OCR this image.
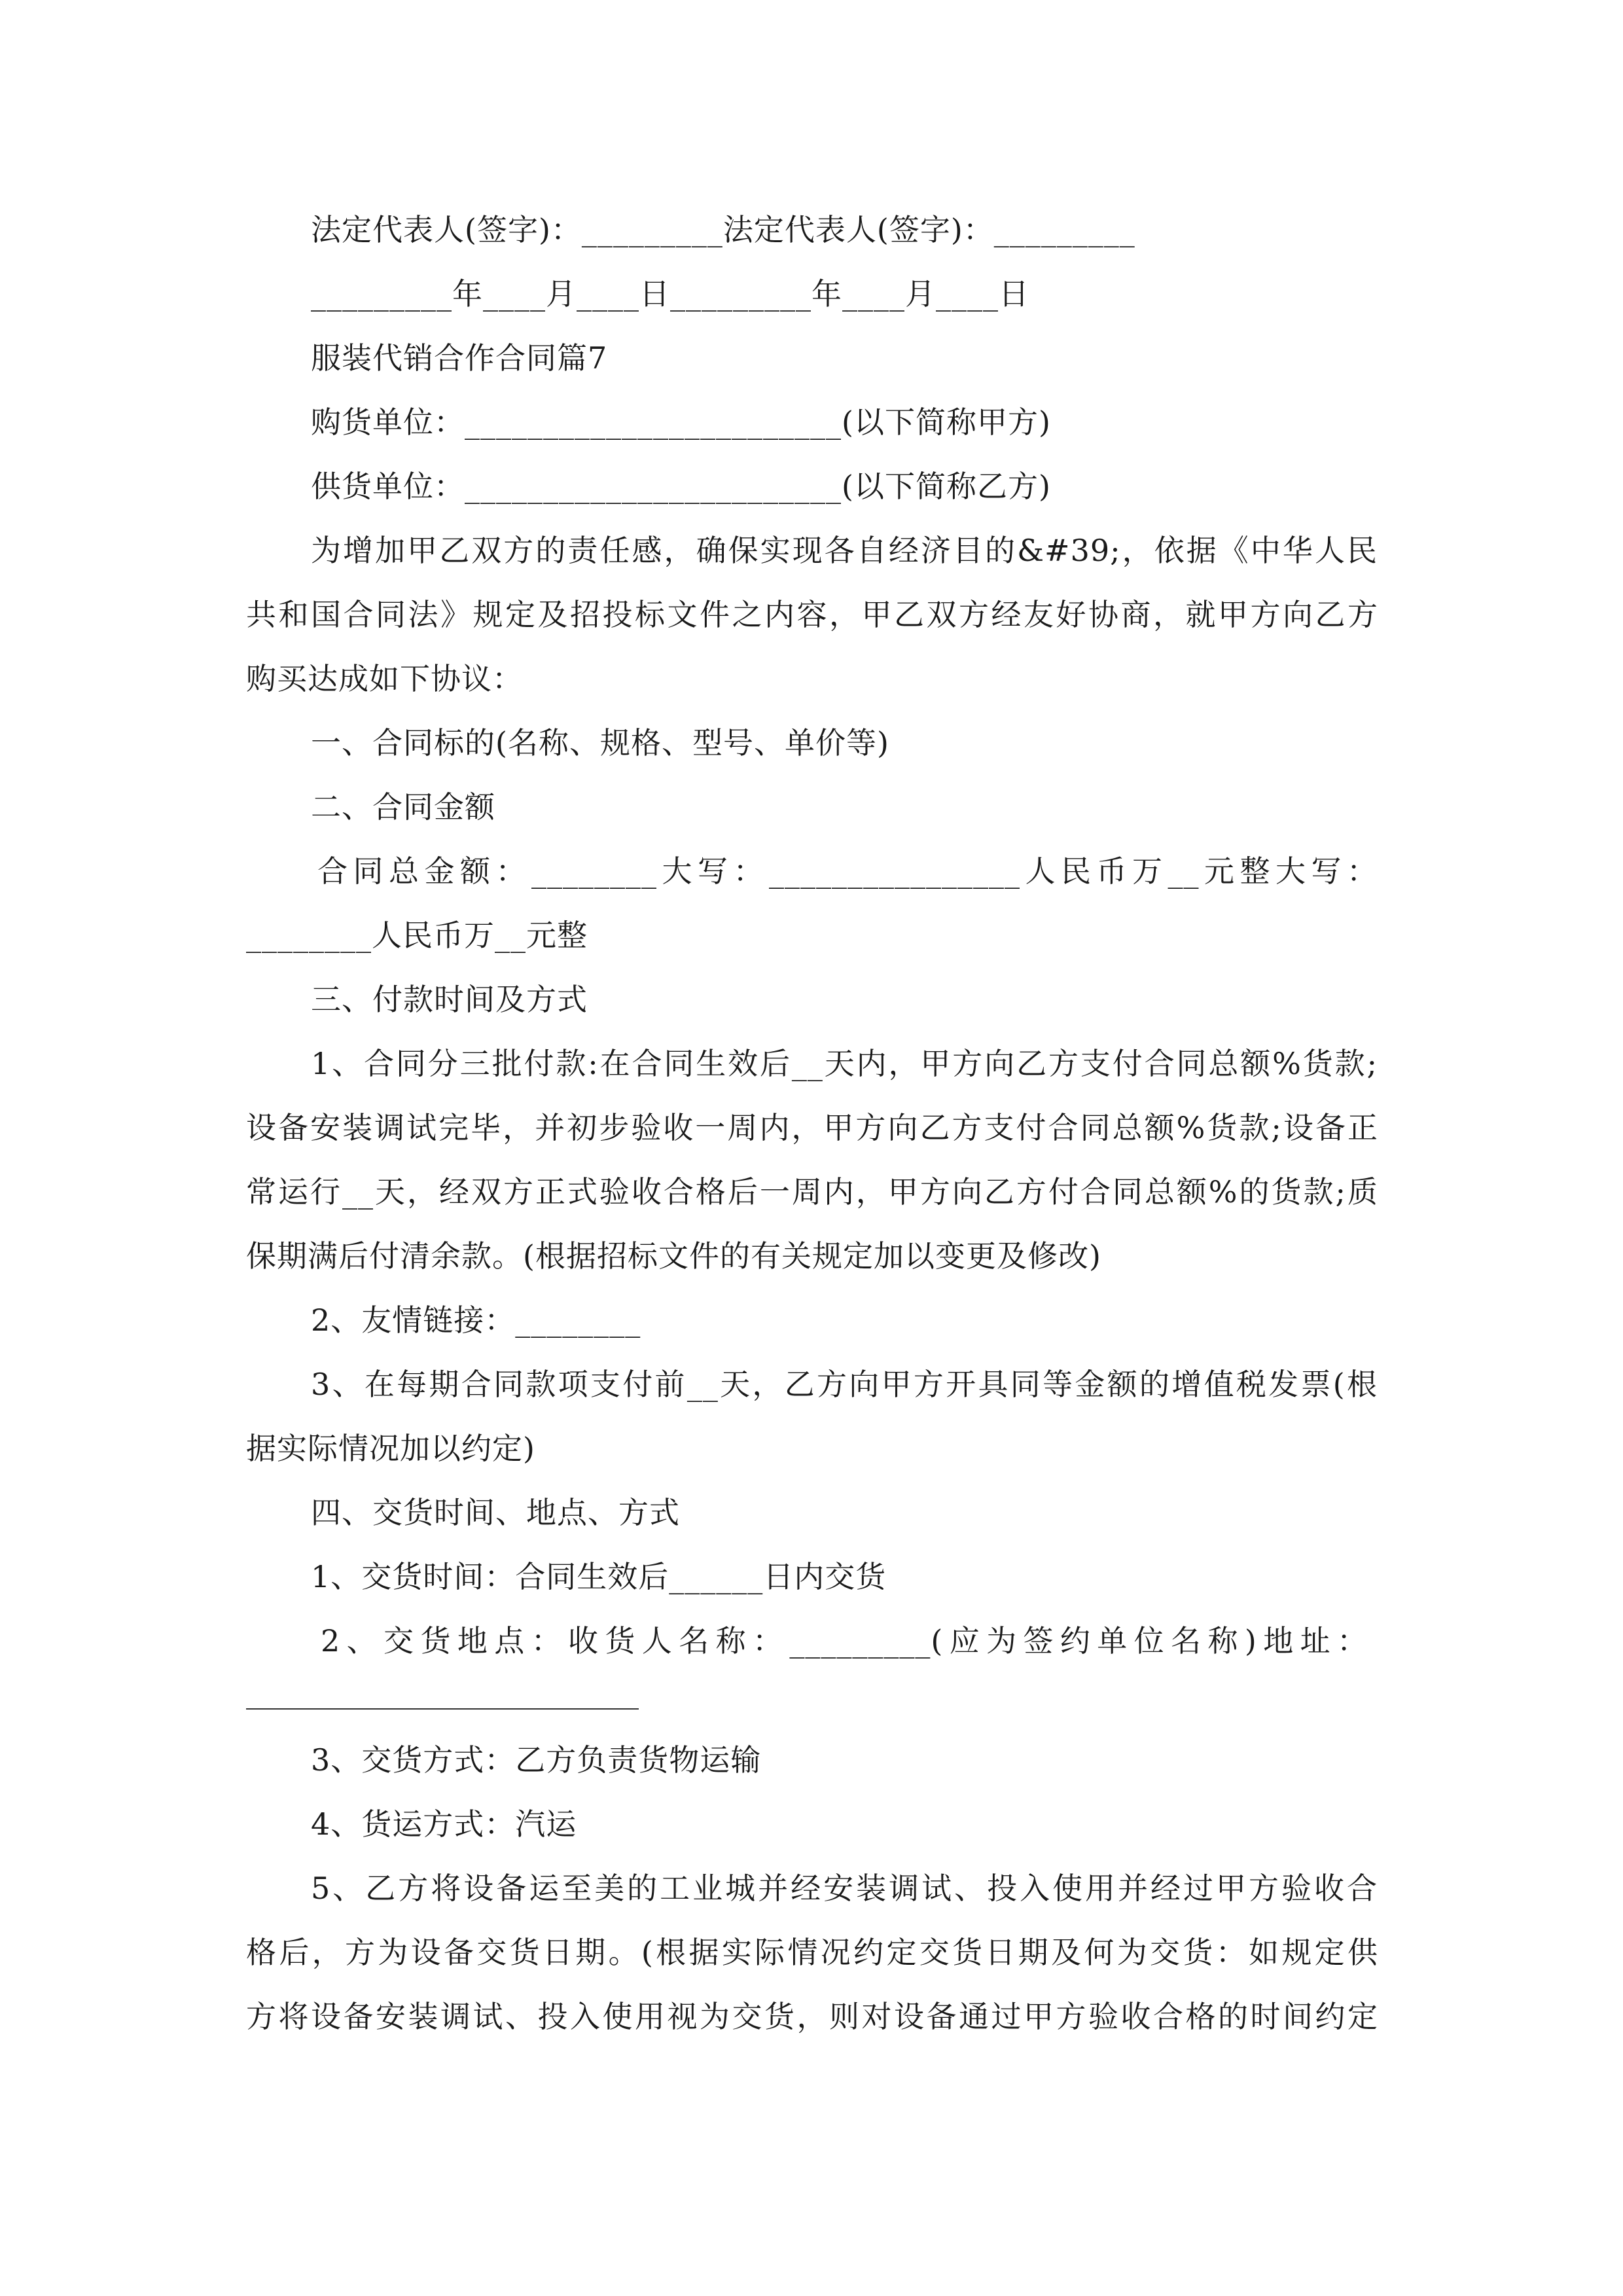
法定代表人(签字)：_________法定代表人(签字)：_________
_________年____月____日_________年____月____日
服装代销合作合同篇7
购货单位：________________________(以下简称甲方)
供货单位：________________________(以下简称乙方)
为增加甲乙双方的责任感，确保实现各自经济目的&#39;，依据《中华人民
共和国合同法》规定及招投标文件之内容，甲乙双方经友好协商，就甲方向乙方
购买达成如下协议：
一、合同标的(名称、规格、型号、单价等)
二、合同金额
合同总金额：________大写：________________人民币万__元整大写：
________人民币万__元整
三、付款时间及方式
1、合同分三批付款:在合同生效后__天内，甲方向乙方支付合同总额%货款;
设备安装调试完毕，并初步验收一周内，甲方向乙方支付合同总额%货款;设备正
常运行__天，经双方正式验收合格后一周内，甲方向乙方付合同总额%的货款;质
保期满后付清余款。(根据招标文件的有关规定加以变更及修改)
2、友情链接：________
3、在每期合同款项支付前__天，乙方向甲方开具同等金额的增值税发票(根
据实际情况加以约定)
四、交货时间、地点、方式
1、交货时间：合同生效后______日内交货
2、交货地点：收货人名称：_________(应为签约单位名称)地址：
3、交货方式：乙方负责货物运输
4、货运方式：汽运
5、乙方将设备运至美的工业城并经安装调试、投入使用并经过甲方验收合
格后，方为设备交货日期。(根据实际情况约定交货日期及何为交货：如规定供
方将设备安装调试、投入使用视为交货，则对设备通过甲方验收合格的时间约定
